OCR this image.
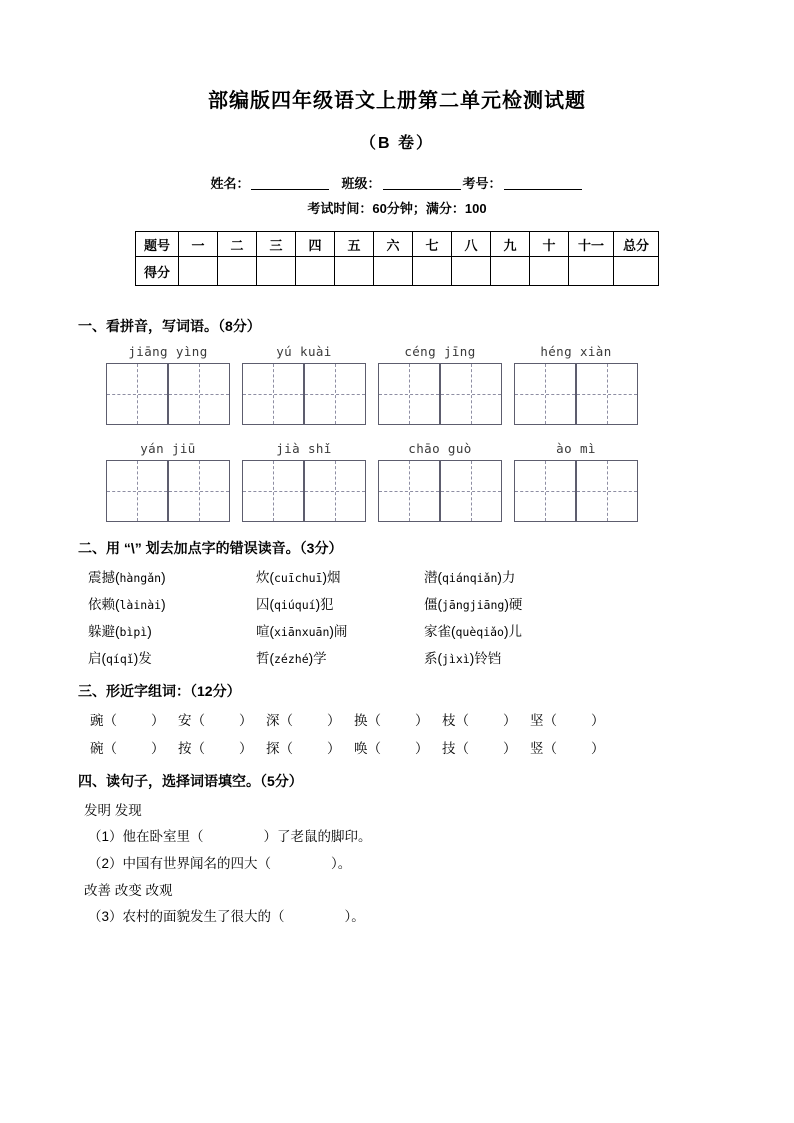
部编版四年级语文上册第二单元检测试题
（B 卷）
姓名：	班级：	考号：
考试时间：60分钟；满分：100
题号	一	二	三	四	五	六	七	八	九	十	十一	总分
得分												
一、看拼音，写词语。（8分）
jiāng yìng	yú kuài	céng jīng	héng xiàn
yán jiū	jià shǐ	chāo guò	ào mì
二、用 “\” 划去加点字的错误读音。（3分）
震撼(hàngǎn)	炊(cuīchuī)烟	潜(qiánqiǎn)力
依赖(làinài)	囚(qiúquí)犯	僵(jāngjiāng)硬
躲避(bìpì)	喧(xiānxuān)闹	家雀(quèqiǎo)儿
启(qíqǐ)发	哲(zézhé)学	系(jìxì)铃铛
三、形近字组词：（12分）
豌（	）	安（	）	深（	）	换（	）	枝（	）	坚（	）
碗（	）	按（	）	探（	）	唤（	）	技（	）	竖（	）
四、读句子，选择词语填空。（5分）
发明 发现
（1）他在卧室里（	）了老鼠的脚印。
（2）中国有世界闻名的四大（	）。
改善 改变 改观
（3）农村的面貌发生了很大的（	）。
